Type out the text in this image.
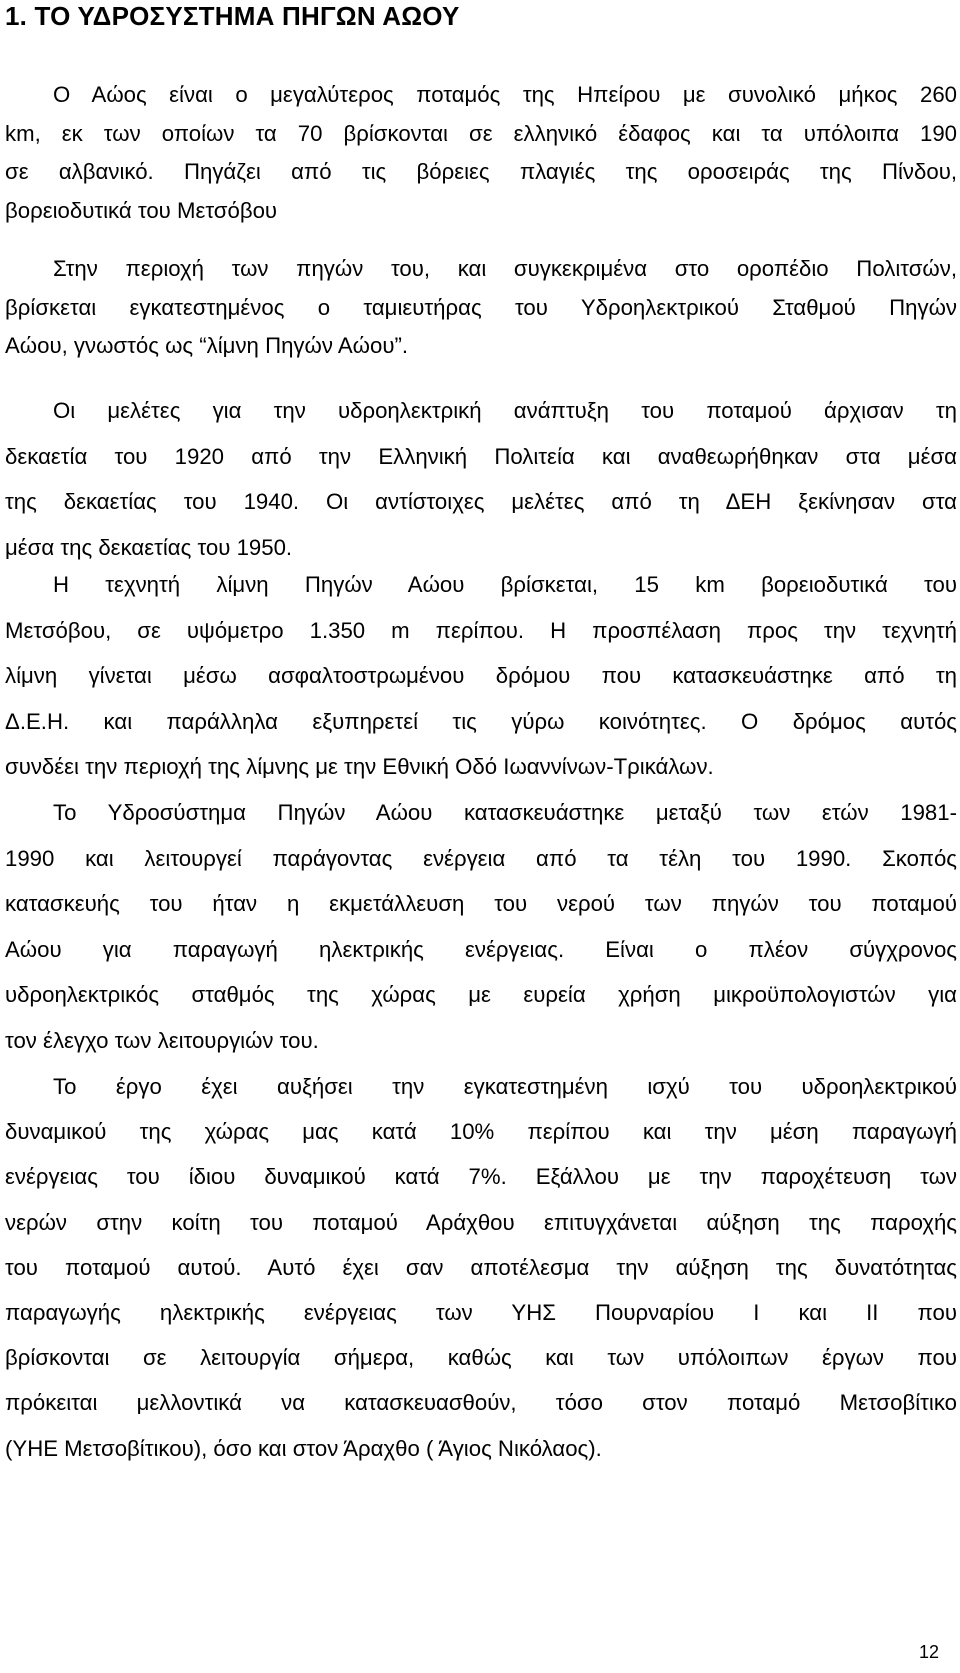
1. ΤΟ ΥΔΡΟΣΥΣΤΗΜΑ ΠΗΓΩΝ ΑΩΟΥ
Ο Αώος είναι ο μεγαλύτερος ποταμός της Ηπείρου με συνολικό μήκος 260
km, εκ των οποίων τα 70 βρίσκονται σε ελληνικό έδαφος και τα υπόλοιπα 190
σε αλβανικό. Πηγάζει από τις βόρειες πλαγιές της οροσειράς της Πίνδου,
βορειοδυτικά του Μετσόβου
Στην περιοχή των πηγών του, και συγκεκριμένα στο οροπέδιο Πολιτσών,
βρίσκεται εγκατεστημένος ο ταμιευτήρας του Υδροηλεκτρικού Σταθμού Πηγών
Αώου, γνωστός ως “λίμνη Πηγών Αώου”.
Οι μελέτες για την υδροηλεκτρική ανάπτυξη του ποταμού άρχισαν τη
δεκαετία του 1920 από την Ελληνική Πολιτεία και αναθεωρήθηκαν στα μέσα
της δεκαετίας του 1940. Οι αντίστοιχες μελέτες από τη ΔΕΗ ξεκίνησαν στα
μέσα της δεκαετίας του 1950.
Η τεχνητή λίμνη Πηγών Αώου βρίσκεται, 15 km βορειοδυτικά του
Μετσόβου, σε υψόμετρο 1.350 m περίπου. Η προσπέλαση προς την τεχνητή
λίμνη γίνεται μέσω ασφαλτοστρωμένου δρόμου που κατασκευάστηκε από τη
Δ.Ε.Η. και παράλληλα εξυπηρετεί τις γύρω κοινότητες. Ο δρόμος αυτός
συνδέει την περιοχή της λίμνης με την Εθνική Οδό Ιωαννίνων-Τρικάλων.
Το Υδροσύστημα Πηγών Αώου κατασκευάστηκε μεταξύ των ετών 1981-
1990 και λειτουργεί παράγοντας ενέργεια από τα τέλη του 1990. Σκοπός
κατασκευής του ήταν η εκμετάλλευση του νερού των πηγών του ποταμού
Αώου για παραγωγή ηλεκτρικής ενέργειας. Είναι ο πλέον σύγχρονος
υδροηλεκτρικός σταθμός της χώρας με ευρεία χρήση μικροϋπολογιστών για
τον έλεγχο των λειτουργιών του.
Το έργο έχει αυξήσει την εγκατεστημένη ισχύ του υδροηλεκτρικού
δυναμικού της χώρας μας κατά 10% περίπου και την μέση παραγωγή
ενέργειας του ίδιου δυναμικού κατά 7%. Εξάλλου με την παροχέτευση των
νερών στην κοίτη του ποταμού Αράχθου επιτυγχάνεται αύξηση της παροχής
του ποταμού αυτού. Αυτό έχει σαν αποτέλεσμα την αύξηση της δυνατότητας
παραγωγής ηλεκτρικής ενέργειας των ΥΗΣ Πουρναρίου Ι και ΙΙ που
βρίσκονται σε λειτουργία σήμερα, καθώς και των υπόλοιπων έργων που
πρόκειται μελλοντικά να κατασκευασθούν, τόσο στον ποταμό Μετσοβίτικο
(ΥΗΕ Μετσοβίτικου), όσο και στον Άραχθο ( Άγιος Νικόλαος).
12
